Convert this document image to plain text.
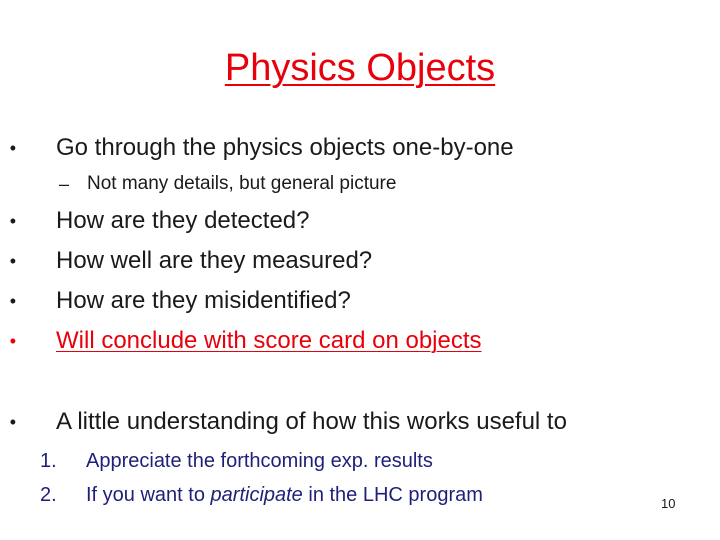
Physics Objects
• Go through the physics objects one-by-one
– Not many details, but general picture
• How are they detected?
• How well are they measured?
• How are they misidentified?
• Will conclude with score card on objects
• A little understanding of how this works useful to
1. Appreciate the forthcoming exp. results
2. If you want to participate in the LHC program	10
